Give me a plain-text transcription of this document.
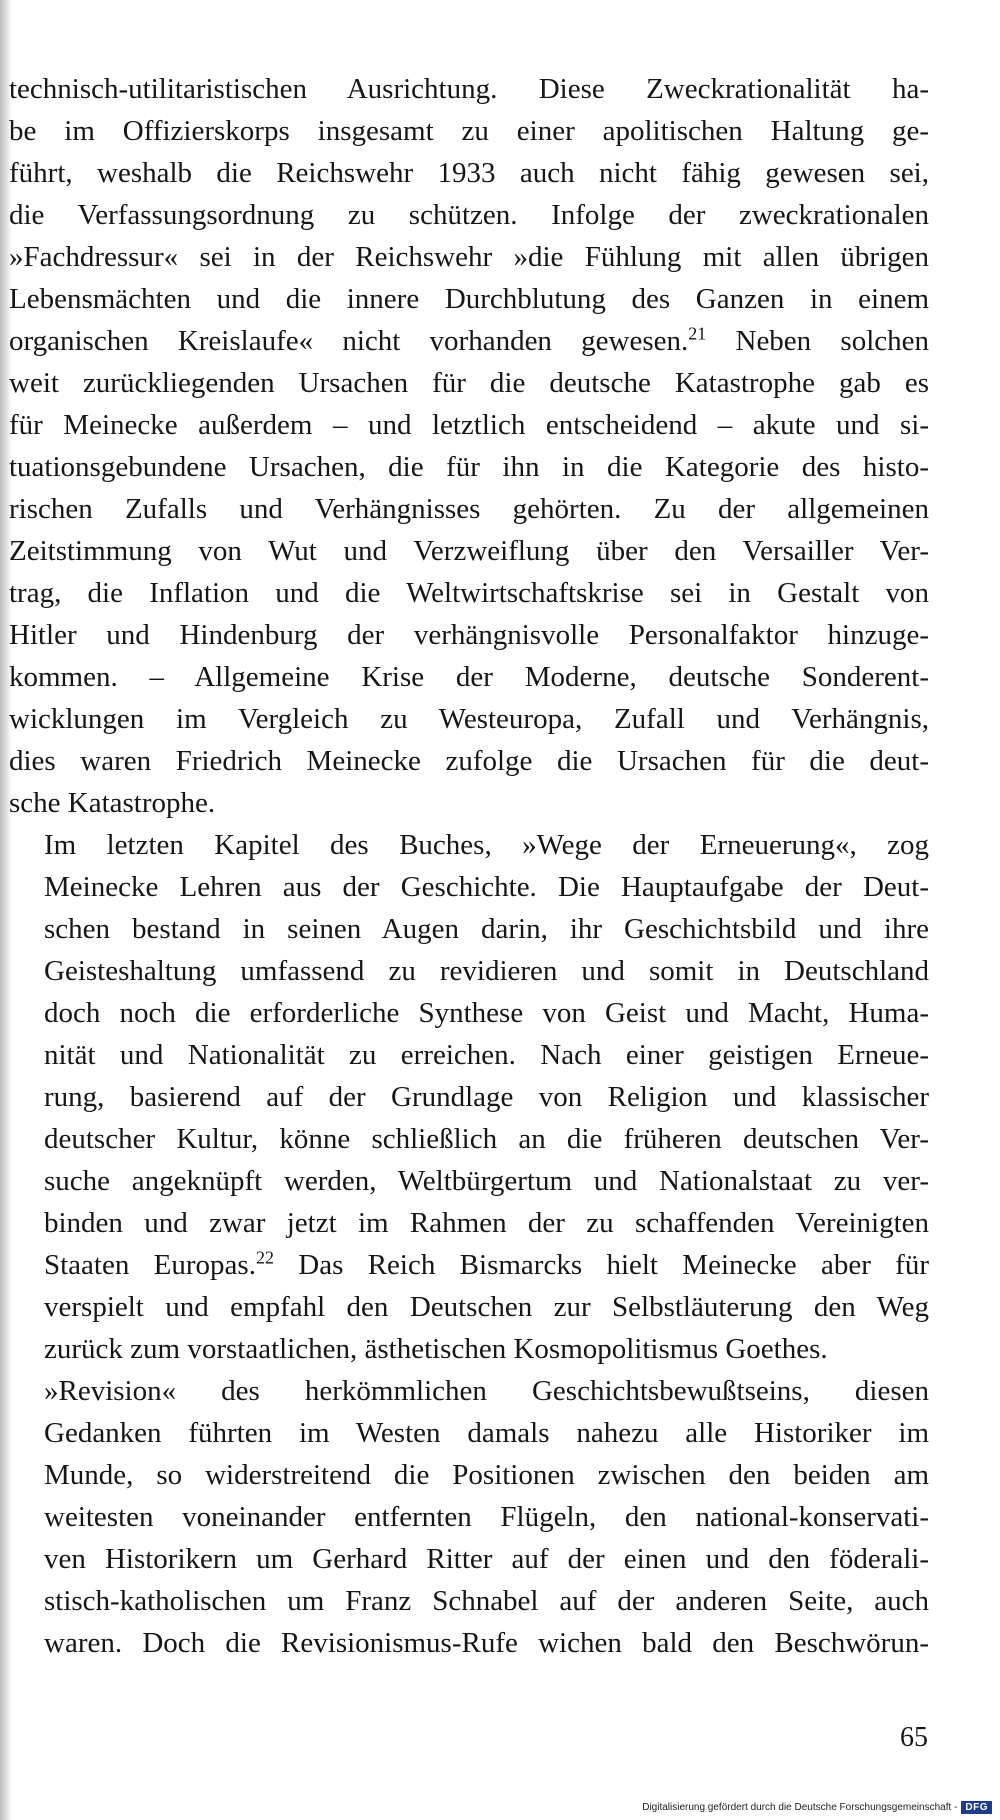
technisch-utilitaristischen Ausrichtung. Diese Zweckrationalität ha-
be im Offizierskorps insgesamt zu einer apolitischen Haltung ge-
führt, weshalb die Reichswehr 1933 auch nicht fähig gewesen sei,
die Verfassungsordnung zu schützen. Infolge der zweckrationalen
»Fachdressur« sei in der Reichswehr »die Fühlung mit allen übrigen
Lebensmächten und die innere Durchblutung des Ganzen in einem
organischen Kreislaufe« nicht vorhanden gewesen.$^{21}$ Neben solchen
weit zurückliegenden Ursachen für die deutsche Katastrophe gab es
für Meinecke außerdem – und letztlich entscheidend – akute und si-
tuationsgebundene Ursachen, die für ihn in die Kategorie des histo-
rischen Zufalls und Verhängnisses gehörten. Zu der allgemeinen
Zeitstimmung von Wut und Verzweiflung über den Versailler Ver-
trag, die Inflation und die Weltwirtschaftskrise sei in Gestalt von
Hitler und Hindenburg der verhängnisvolle Personalfaktor hinzuge-
kommen. – Allgemeine Krise der Moderne, deutsche Sonderent-
wicklungen im Vergleich zu Westeuropa, Zufall und Verhängnis,
dies waren Friedrich Meinecke zufolge die Ursachen für die deut-
sche Katastrophe.
Im letzten Kapitel des Buches, »Wege der Erneuerung«, zog
Meinecke Lehren aus der Geschichte. Die Hauptaufgabe der Deut-
schen bestand in seinen Augen darin, ihr Geschichtsbild und ihre
Geisteshaltung umfassend zu revidieren und somit in Deutschland
doch noch die erforderliche Synthese von Geist und Macht, Huma-
nität und Nationalität zu erreichen. Nach einer geistigen Erneue-
rung, basierend auf der Grundlage von Religion und klassischer
deutscher Kultur, könne schließlich an die früheren deutschen Ver-
suche angeknüpft werden, Weltbürgertum und Nationalstaat zu ver-
binden und zwar jetzt im Rahmen der zu schaffenden Vereinigten
Staaten Europas.$^{22}$ Das Reich Bismarcks hielt Meinecke aber für
verspielt und empfahl den Deutschen zur Selbstläuterung den Weg
zurück zum vorstaatlichen, ästhetischen Kosmopolitismus Goethes.
»Revision« des herkömmlichen Geschichtsbewußtseins, diesen
Gedanken führten im Westen damals nahezu alle Historiker im
Munde, so widerstreitend die Positionen zwischen den beiden am
weitesten voneinander entfernten Flügeln, den national-konservati-
ven Historikern um Gerhard Ritter auf der einen und den föderali-
stisch-katholischen um Franz Schnabel auf der anderen Seite, auch
waren. Doch die Revisionismus-Rufe wichen bald den Beschwörun-
65
Digitalisierung gefördert durch die Deutsche Forschungsgemeinschaft - DFG
